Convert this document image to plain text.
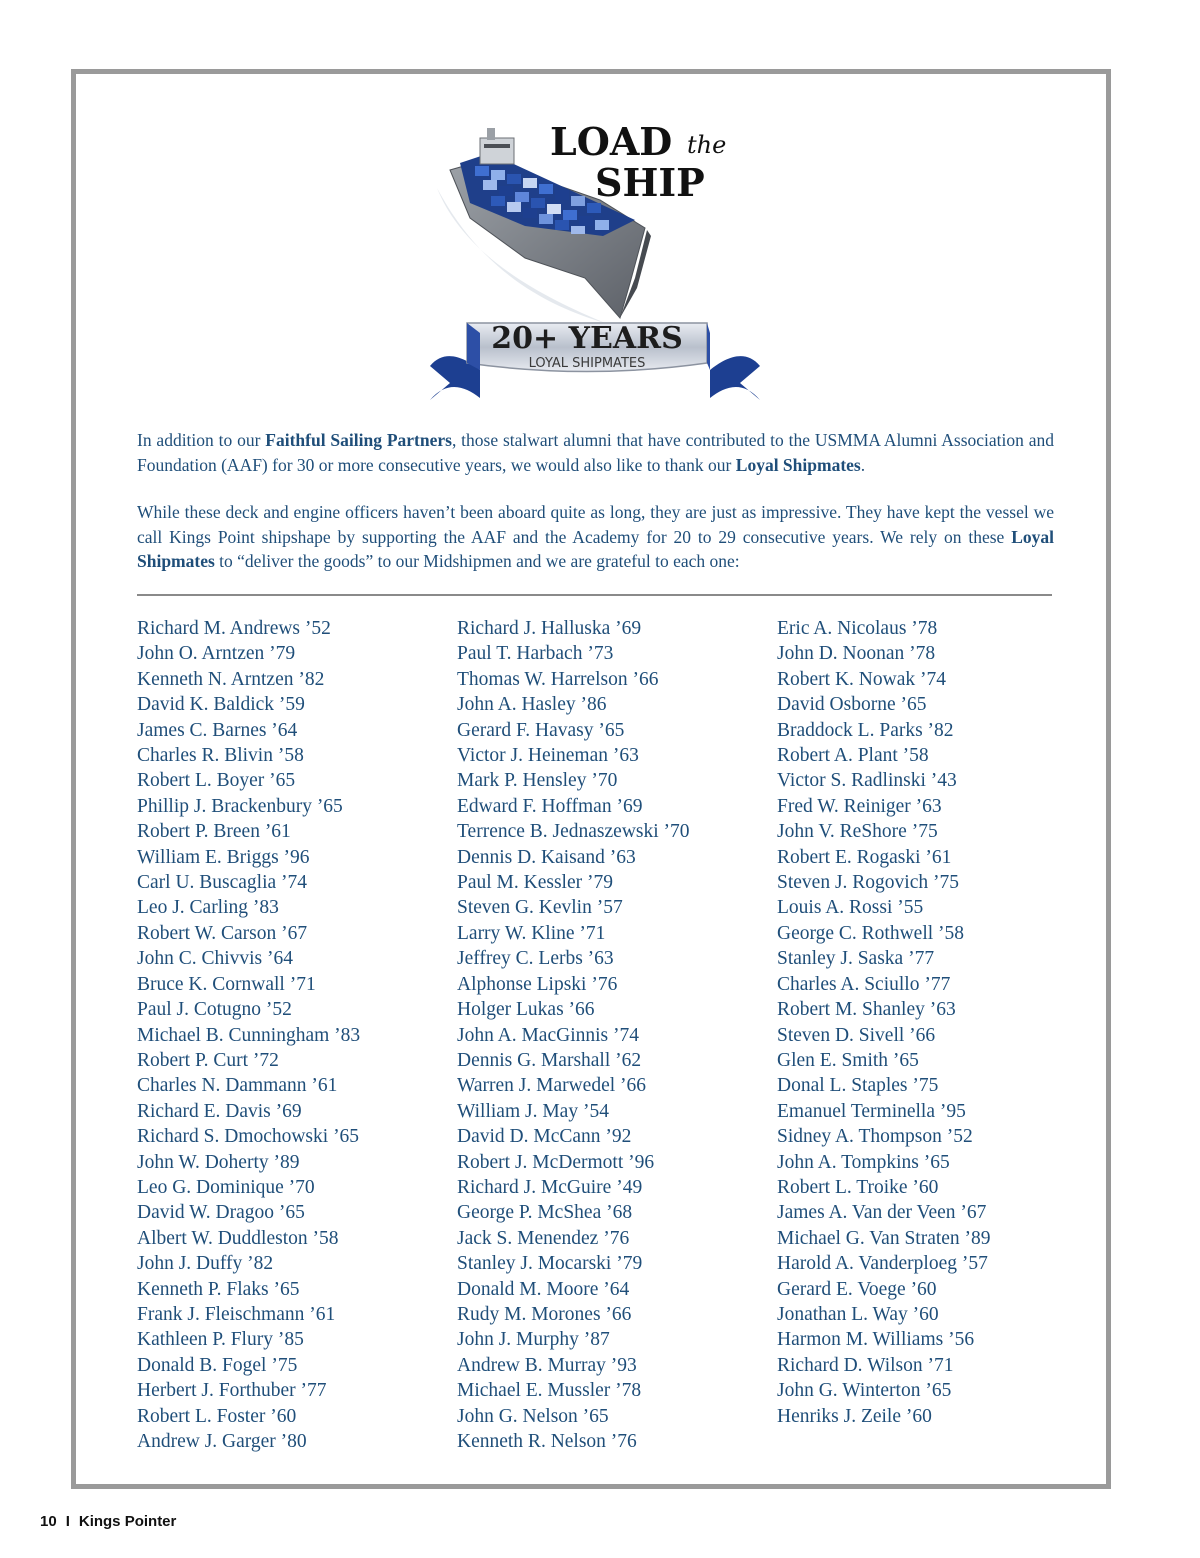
LOAD the
SHIP
20+ YEARS
LOYAL SHIPMATES
In addition to our Faithful Sailing Partners, those stalwart alumni that have contributed to the USMMA Alumni Association and Foundation (AAF) for 30 or more consecutive years, we would also like to thank our Loyal Shipmates.
While these deck and engine officers haven’t been aboard quite as long, they are just as impressive. They have kept the vessel we call Kings Point shipshape by supporting the AAF and the Academy for 20 to 29 consecutive years. We rely on these Loyal Shipmates to “deliver the goods” to our Midshipmen and we are grateful to each one:
Richard M. Andrews ’52
John O. Arntzen ’79
Kenneth N. Arntzen ’82
David K. Baldick ’59
James C. Barnes ’64
Charles R. Blivin ’58
Robert L. Boyer ’65
Phillip J. Brackenbury ’65
Robert P. Breen ’61
William E. Briggs ’96
Carl U. Buscaglia ’74
Leo J. Carling ’83
Robert W. Carson ’67
John C. Chivvis ’64
Bruce K. Cornwall ’71
Paul J. Cotugno ’52
Michael B. Cunningham ’83
Robert P. Curt ’72
Charles N. Dammann ’61
Richard E. Davis ’69
Richard S. Dmochowski ’65
John W. Doherty ’89
Leo G. Dominique ’70
David W. Dragoo ’65
Albert W. Duddleston ’58
John J. Duffy ’82
Kenneth P. Flaks ’65
Frank J. Fleischmann ’61
Kathleen P. Flury ’85
Donald B. Fogel ’75
Herbert J. Forthuber ’77
Robert L. Foster ’60
Andrew J. Garger ’80
Richard J. Halluska ’69
Paul T. Harbach ’73
Thomas W. Harrelson ’66
John A. Hasley ’86
Gerard F. Havasy ’65
Victor J. Heineman ’63
Mark P. Hensley ’70
Edward F. Hoffman ’69
Terrence B. Jednaszewski ’70
Dennis D. Kaisand ’63
Paul M. Kessler ’79
Steven G. Kevlin ’57
Larry W. Kline ’71
Jeffrey C. Lerbs ’63
Alphonse Lipski ’76
Holger Lukas ’66
John A. MacGinnis ’74
Dennis G. Marshall ’62
Warren J. Marwedel ’66
William J. May ’54
David D. McCann ’92
Robert J. McDermott ’96
Richard J. McGuire ’49
George P. McShea ’68
Jack S. Menendez ’76
Stanley J. Mocarski ’79
Donald M. Moore ’64
Rudy M. Morones ’66
John J. Murphy ’87
Andrew B. Murray ’93
Michael E. Mussler ’78
John G. Nelson ’65
Kenneth R. Nelson ’76
Eric A. Nicolaus ’78
John D. Noonan ’78
Robert K. Nowak ’74
David Osborne ’65
Braddock L. Parks ’82
Robert A. Plant ’58
Victor S. Radlinski ’43
Fred W. Reiniger ’63
John V. ReShore ’75
Robert E. Rogaski ’61
Steven J. Rogovich ’75
Louis A. Rossi ’55
George C. Rothwell ’58
Stanley J. Saska ’77
Charles A. Sciullo ’77
Robert M. Shanley ’63
Steven D. Sivell ’66
Glen E. Smith ’65
Donal L. Staples ’75
Emanuel Terminella ’95
Sidney A. Thompson ’52
John A. Tompkins ’65
Robert L. Troike ’60
James A. Van der Veen ’67
Michael G. Van Straten ’89
Harold A. Vanderploeg ’57
Gerard E. Voege ’60
Jonathan L. Way ’60
Harmon M. Williams ’56
Richard D. Wilson ’71
John G. Winterton ’65
Henriks J. Zeile ’60
10 I Kings Pointer
